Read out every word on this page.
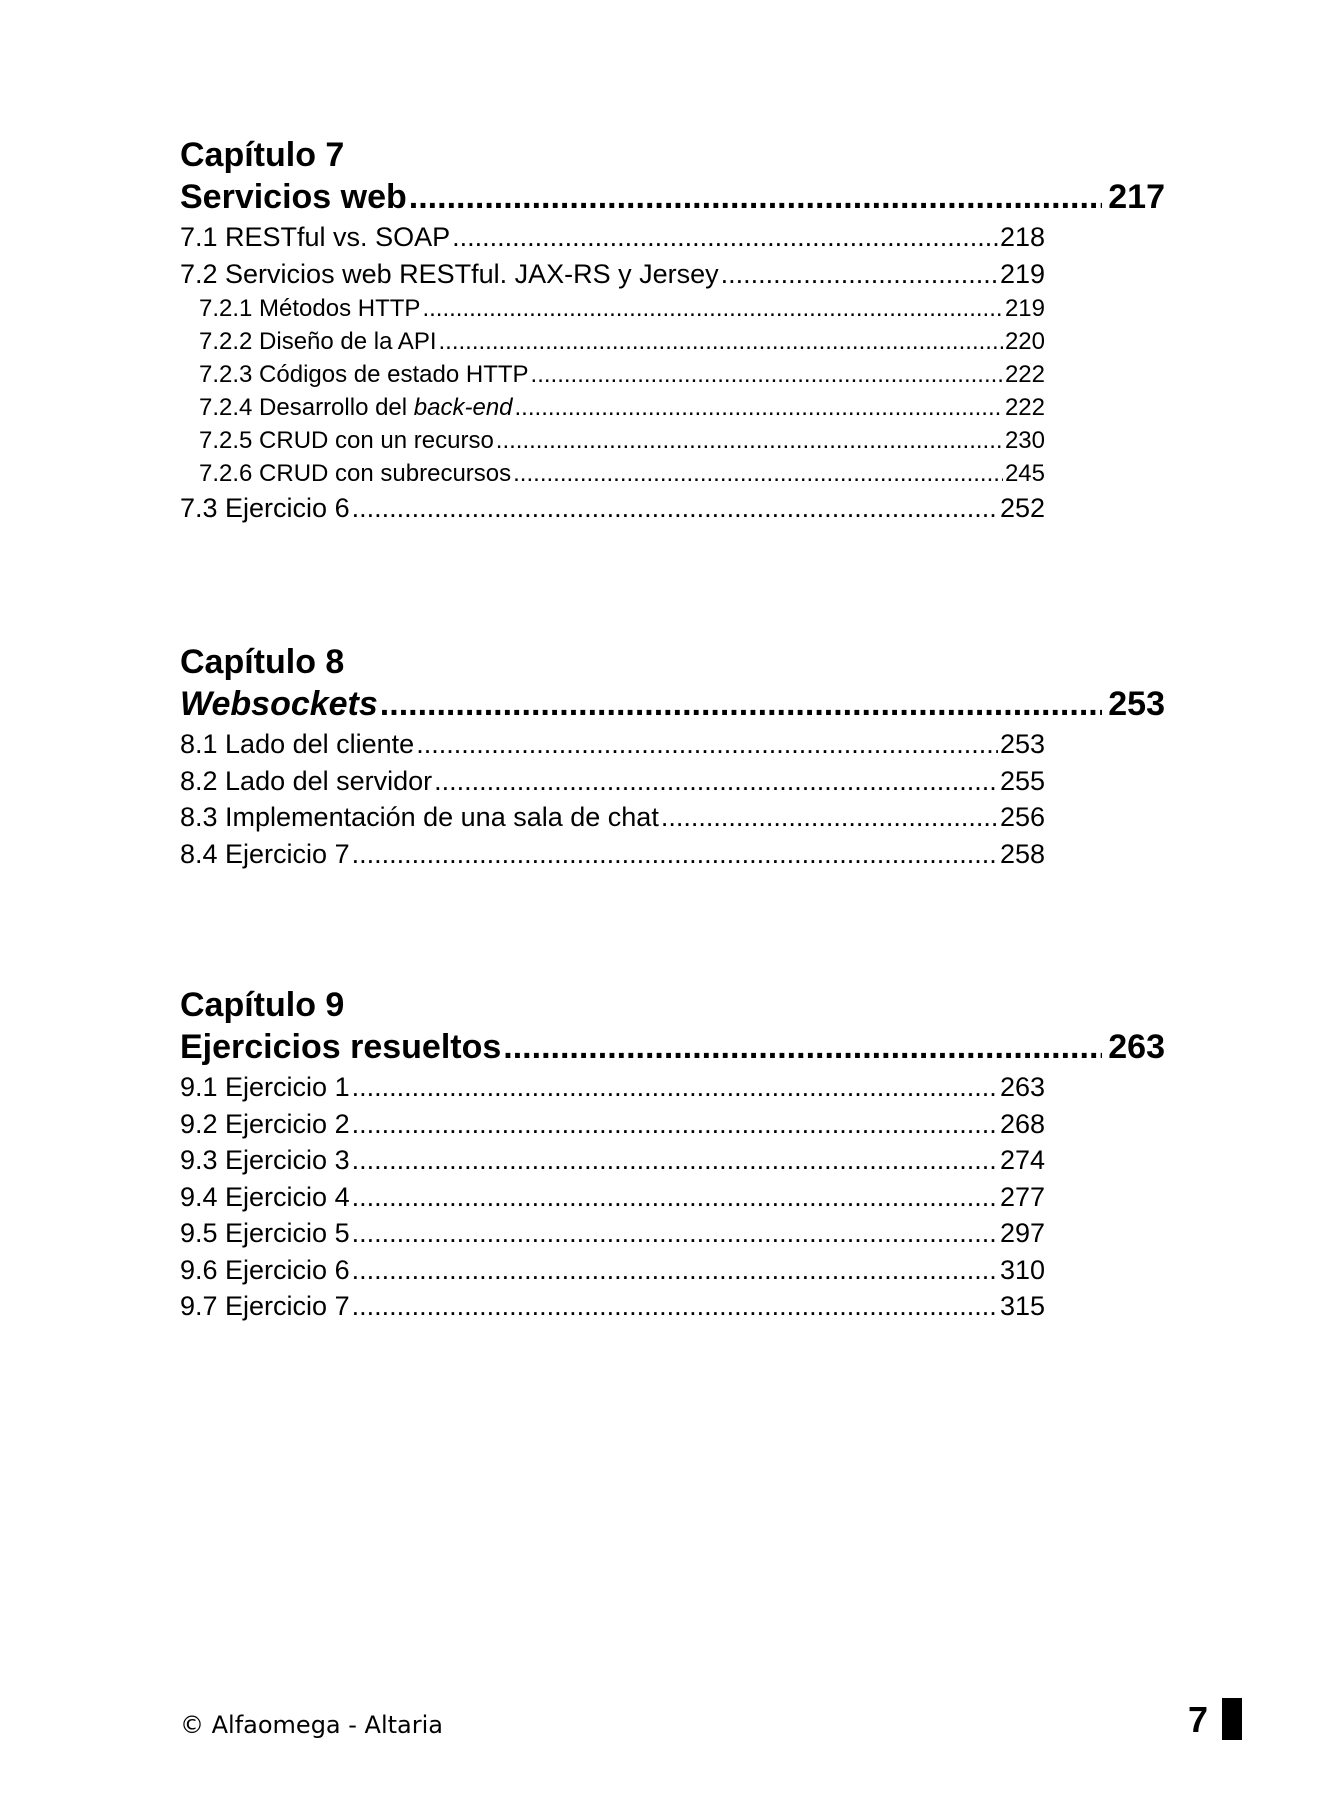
Capítulo 7
Servicios web .....	217
7.1 RESTful vs. SOAP .....	218
7.2 Servicios web RESTful. JAX-RS y Jersey .....	219
7.2.1 Métodos HTTP .....	219
7.2.2 Diseño de la API .....	220
7.2.3 Códigos de estado HTTP .....	222
7.2.4 Desarrollo del back-end .....	222
7.2.5 CRUD con un recurso .....	230
7.2.6 CRUD con subrecursos .....	245
7.3 Ejercicio 6 .....	252
Capítulo 8
Websockets .....	253
8.1 Lado del cliente .....	253
8.2 Lado del servidor .....	255
8.3 Implementación de una sala de chat .....	256
8.4 Ejercicio 7 .....	258
Capítulo 9
Ejercicios resueltos .....	263
9.1 Ejercicio 1 .....	263
9.2 Ejercicio 2 .....	268
9.3 Ejercicio 3 .....	274
9.4 Ejercicio 4 .....	277
9.5 Ejercicio 5 .....	297
9.6 Ejercicio 6 .....	310
9.7 Ejercicio 7 .....	315
© Alfaomega - Altaria	7
